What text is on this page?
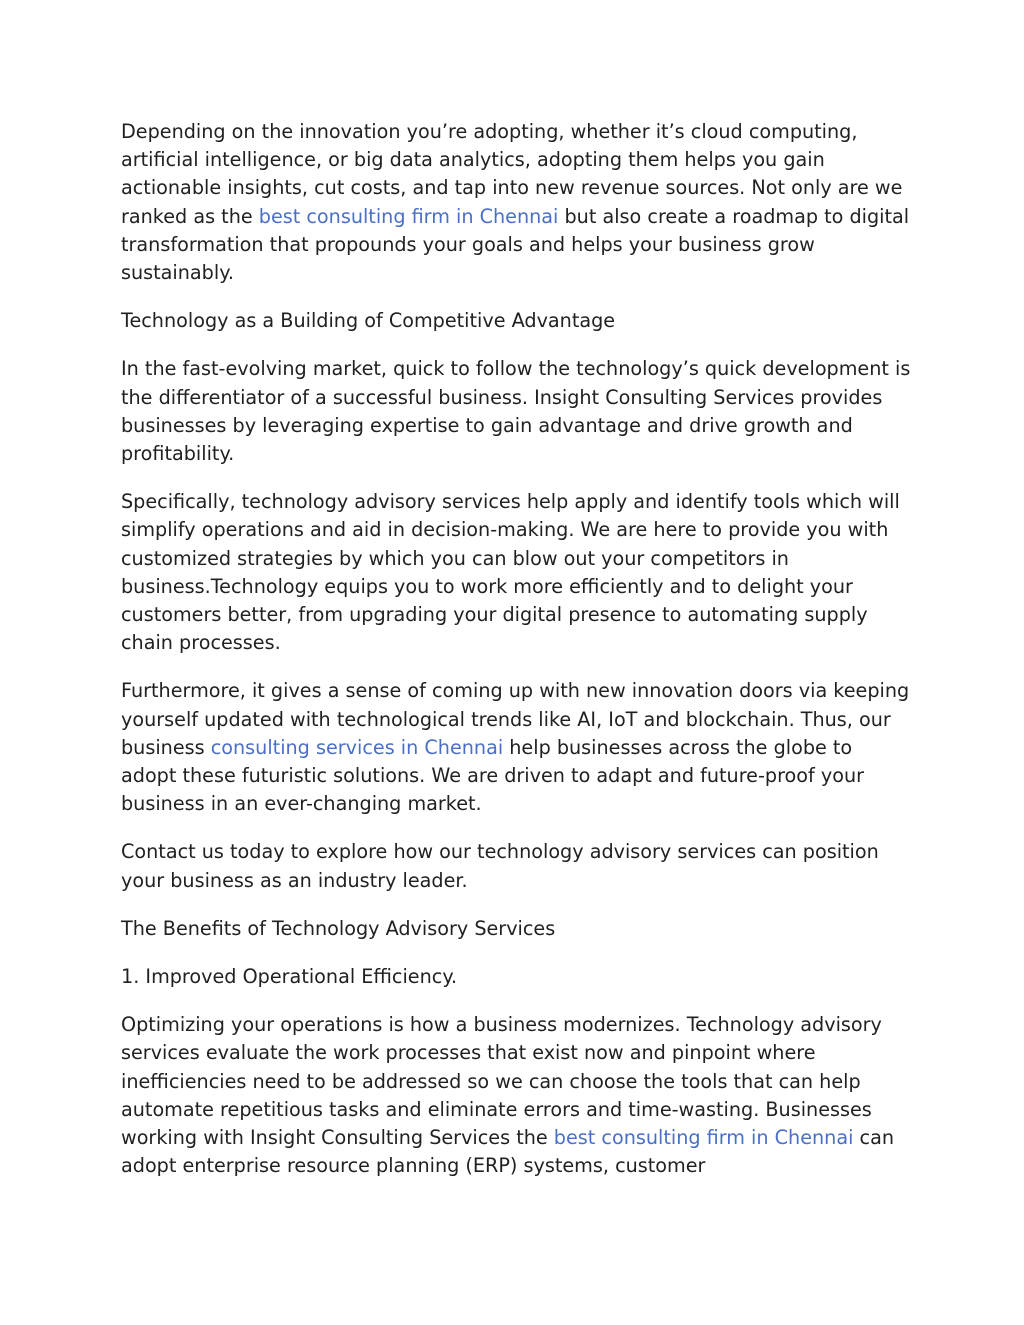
Depending on the innovation you’re adopting, whether it’s cloud computing, artificial intelligence, or big data analytics, adopting them helps you gain actionable insights, cut costs, and tap into new revenue sources. Not only are we ranked as the best consulting firm in Chennai but also create a roadmap to digital transformation that propounds your goals and helps your business grow sustainably.

Technology as a Building of Competitive Advantage

In the fast-evolving market, quick to follow the technology’s quick development is the differentiator of a successful business. Insight Consulting Services provides businesses by leveraging expertise to gain advantage and drive growth and profitability.

Specifically, technology advisory services help apply and identify tools which will simplify operations and aid in decision-making. We are here to provide you with customized strategies by which you can blow out your competitors in business.Technology equips you to work more efficiently and to delight your customers better, from upgrading your digital presence to automating supply chain processes.

Furthermore, it gives a sense of coming up with new innovation doors via keeping yourself updated with technological trends like AI, IoT and blockchain. Thus, our business consulting services in Chennai help businesses across the globe to adopt these futuristic solutions. We are driven to adapt and future-proof your business in an ever-changing market.

Contact us today to explore how our technology advisory services can position your business as an industry leader.

The Benefits of Technology Advisory Services

1. Improved Operational Efficiency.

Optimizing your operations is how a business modernizes. Technology advisory services evaluate the work processes that exist now and pinpoint where inefficiencies need to be addressed so we can choose the tools that can help automate repetitious tasks and eliminate errors and time-wasting. Businesses working with Insight Consulting Services the best consulting firm in Chennai can adopt enterprise resource planning (ERP) systems, customer
